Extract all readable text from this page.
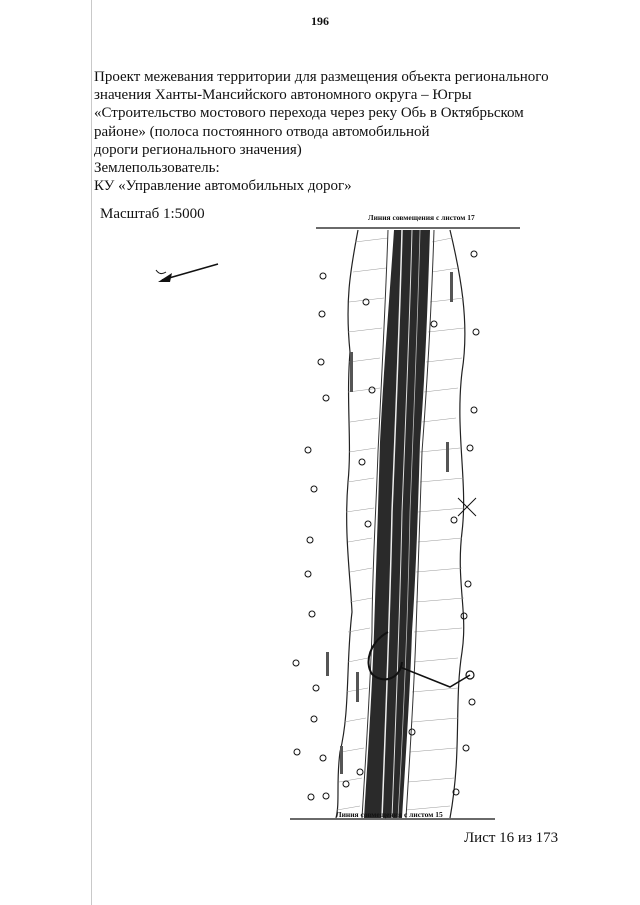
196
Проект межевания территории для размещения объекта регионального
значения Ханты-Мансийского автономного округа – Югры
«Строительство мостового перехода через реку Обь в Октябрьском
районе» (полоса постоянного отвода автомобильной
дороги регионального значения)
Землепользователь:
КУ «Управление автомобильных дорог»
Масштаб 1:5000	Линия совмещения с листом 17
Линия совмещения с листом 15
Лист 16 из 173
